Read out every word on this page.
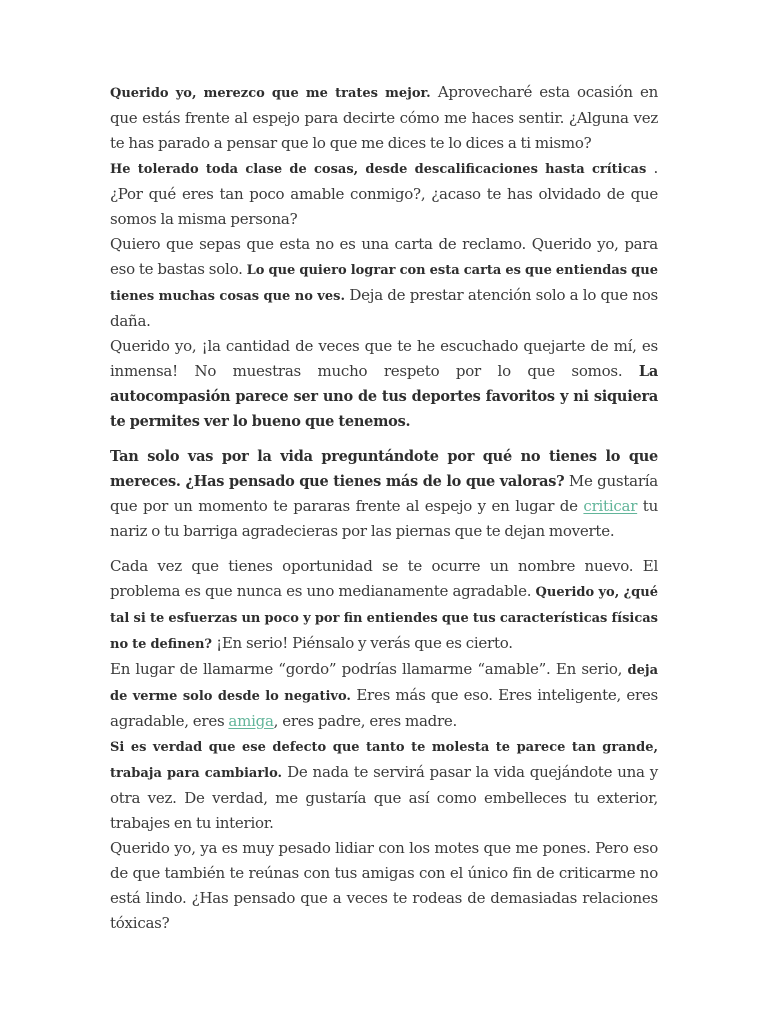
Querido yo, merezco que me trates mejor. Aprovecharé esta ocasión en que estás frente al espejo para decirte cómo me haces sentir. ¿Alguna vez te has parado a pensar que lo que me dices te lo dices a ti mismo?

He tolerado toda clase de cosas, desde descalificaciones hasta críticas . ¿Por qué eres tan poco amable conmigo?, ¿acaso te has olvidado de que somos la misma persona?

Quiero que sepas que esta no es una carta de reclamo. Querido yo, para eso te bastas solo. Lo que quiero lograr con esta carta es que entiendas que tienes muchas cosas que no ves. Deja de prestar atención solo a lo que nos daña.

Querido yo, ¡la cantidad de veces que te he escuchado quejarte de mí, es inmensa! No muestras mucho respeto por lo que somos. La autocompasión parece ser uno de tus deportes favoritos y ni siquiera te permites ver lo bueno que tenemos.

Tan solo vas por la vida preguntándote por qué no tienes lo que mereces. ¿Has pensado que tienes más de lo que valoras? Me gustaría que por un momento te pararas frente al espejo y en lugar de criticar tu nariz o tu barriga agradecieras por las piernas que te dejan moverte.

Cada vez que tienes oportunidad se te ocurre un nombre nuevo. El problema es que nunca es uno medianamente agradable. Querido yo, ¿qué tal si te esfuerzas un poco y por fin entiendes que tus características físicas no te definen? ¡En serio! Piénsalo y verás que es cierto.

En lugar de llamarme “gordo” podrías llamarme “amable”. En serio, deja de verme solo desde lo negativo. Eres más que eso. Eres inteligente, eres agradable, eres amiga, eres padre, eres madre.

Si es verdad que ese defecto que tanto te molesta te parece tan grande, trabaja para cambiarlo. De nada te servirá pasar la vida quejándote una y otra vez. De verdad, me gustaría que así como embelleces tu exterior, trabajes en tu interior.

Querido yo, ya es muy pesado lidiar con los motes que me pones. Pero eso de que también te reúnas con tus amigas con el único fin de criticarme no está lindo. ¿Has pensado que a veces te rodeas de demasiadas relaciones tóxicas?
